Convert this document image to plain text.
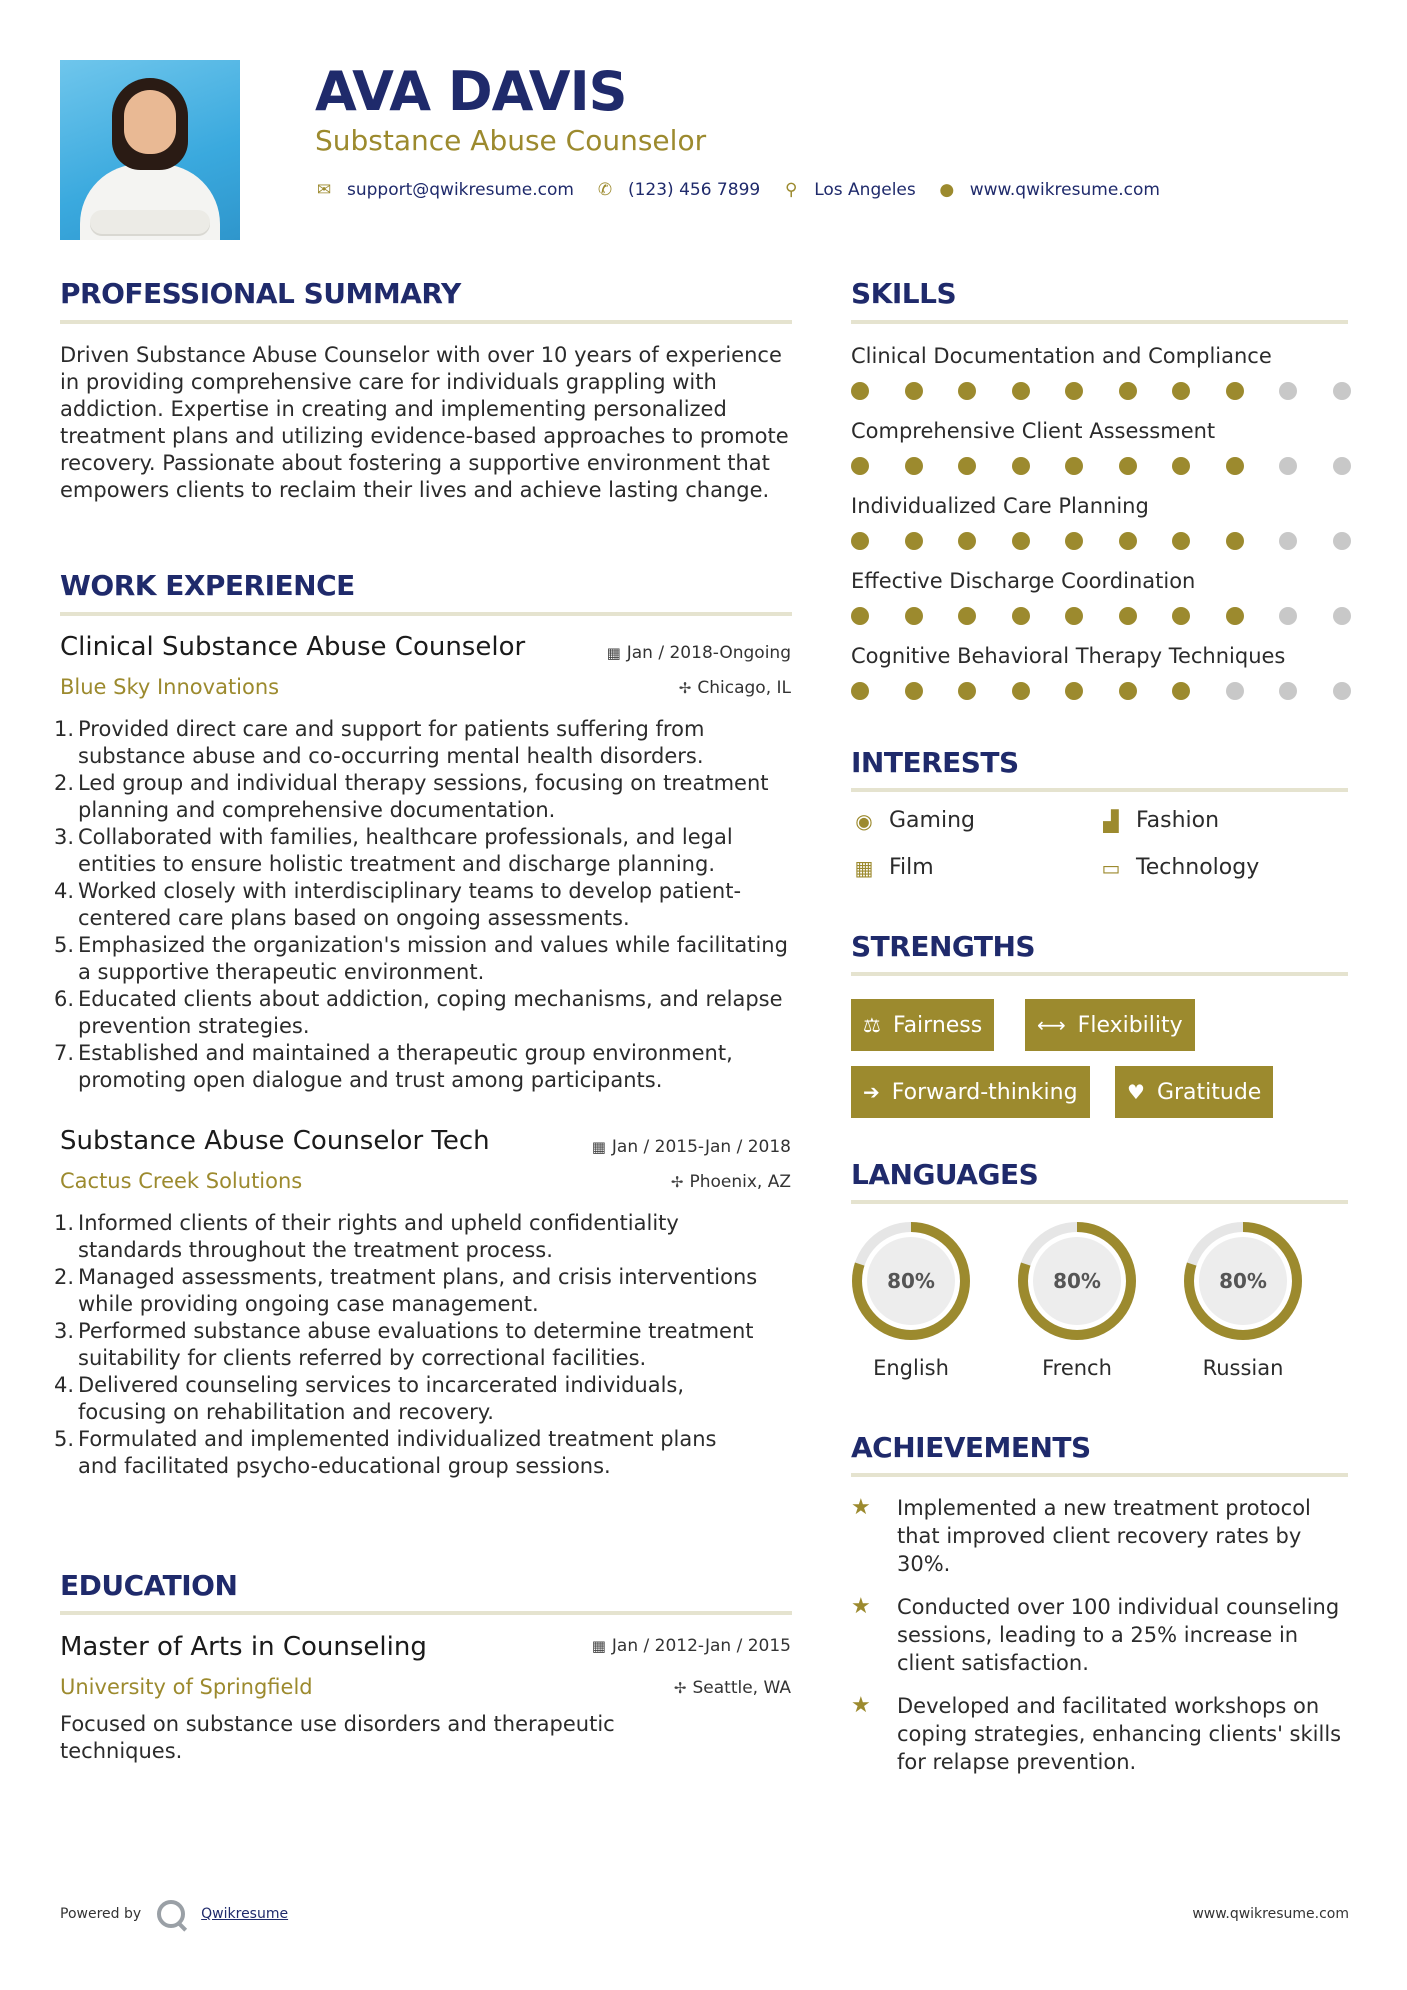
AVA DAVIS
Substance Abuse Counselor
✉ support@qwikresume.com ✆ (123) 456 7899 ⚲ Los Angeles ● www.qwikresume.com
PROFESSIONAL SUMMARY
Driven Substance Abuse Counselor with over 10 years of experience in providing comprehensive care for individuals grappling with addiction. Expertise in creating and implementing personalized treatment plans and utilizing evidence-based approaches to promote recovery. Passionate about fostering a supportive environment that empowers clients to reclaim their lives and achieve lasting change.
WORK EXPERIENCE
Clinical Substance Abuse Counselor	▦ Jan / 2018-Ongoing
Blue Sky Innovations	✢ Chicago, IL
1. Provided direct care and support for patients suffering from substance abuse and co-occurring mental health disorders.
2. Led group and individual therapy sessions, focusing on treatment planning and comprehensive documentation.
3. Collaborated with families, healthcare professionals, and legal entities to ensure holistic treatment and discharge planning.
4. Worked closely with interdisciplinary teams to develop patient-centered care plans based on ongoing assessments.
5. Emphasized the organization's mission and values while facilitating a supportive therapeutic environment.
6. Educated clients about addiction, coping mechanisms, and relapse prevention strategies.
7. Established and maintained a therapeutic group environment, promoting open dialogue and trust among participants.
Substance Abuse Counselor Tech	▦ Jan / 2015-Jan / 2018
Cactus Creek Solutions	✢ Phoenix, AZ
1. Informed clients of their rights and upheld confidentiality standards throughout the treatment process.
2. Managed assessments, treatment plans, and crisis interventions while providing ongoing case management.
3. Performed substance abuse evaluations to determine treatment suitability for clients referred by correctional facilities.
4. Delivered counseling services to incarcerated individuals, focusing on rehabilitation and recovery.
5. Formulated and implemented individualized treatment plans and facilitated psycho-educational group sessions.
EDUCATION
Master of Arts in Counseling	▦ Jan / 2012-Jan / 2015
University of Springfield	✢ Seattle, WA
Focused on substance use disorders and therapeutic techniques.
SKILLS
Clinical Documentation and Compliance
Comprehensive Client Assessment
Individualized Care Planning
Effective Discharge Coordination
Cognitive Behavioral Therapy Techniques
INTERESTS
◉ Gaming	▟ Fashion
▦ Film	▭ Technology
STRENGTHS
⚖ Fairness	⟷ Flexibility
➔ Forward-thinking ♥ Gratitude
LANGUAGES
80%
English
80%
French
80%
Russian
ACHIEVEMENTS
★	Implemented a new treatment protocol that improved client recovery rates by 30%.
★	Conducted over 100 individual counseling sessions, leading to a 25% increase in client satisfaction.
★	Developed and facilitated workshops on coping strategies, enhancing clients' skills for relapse prevention.
Powered by	Qwikresume	www.qwikresume.com
